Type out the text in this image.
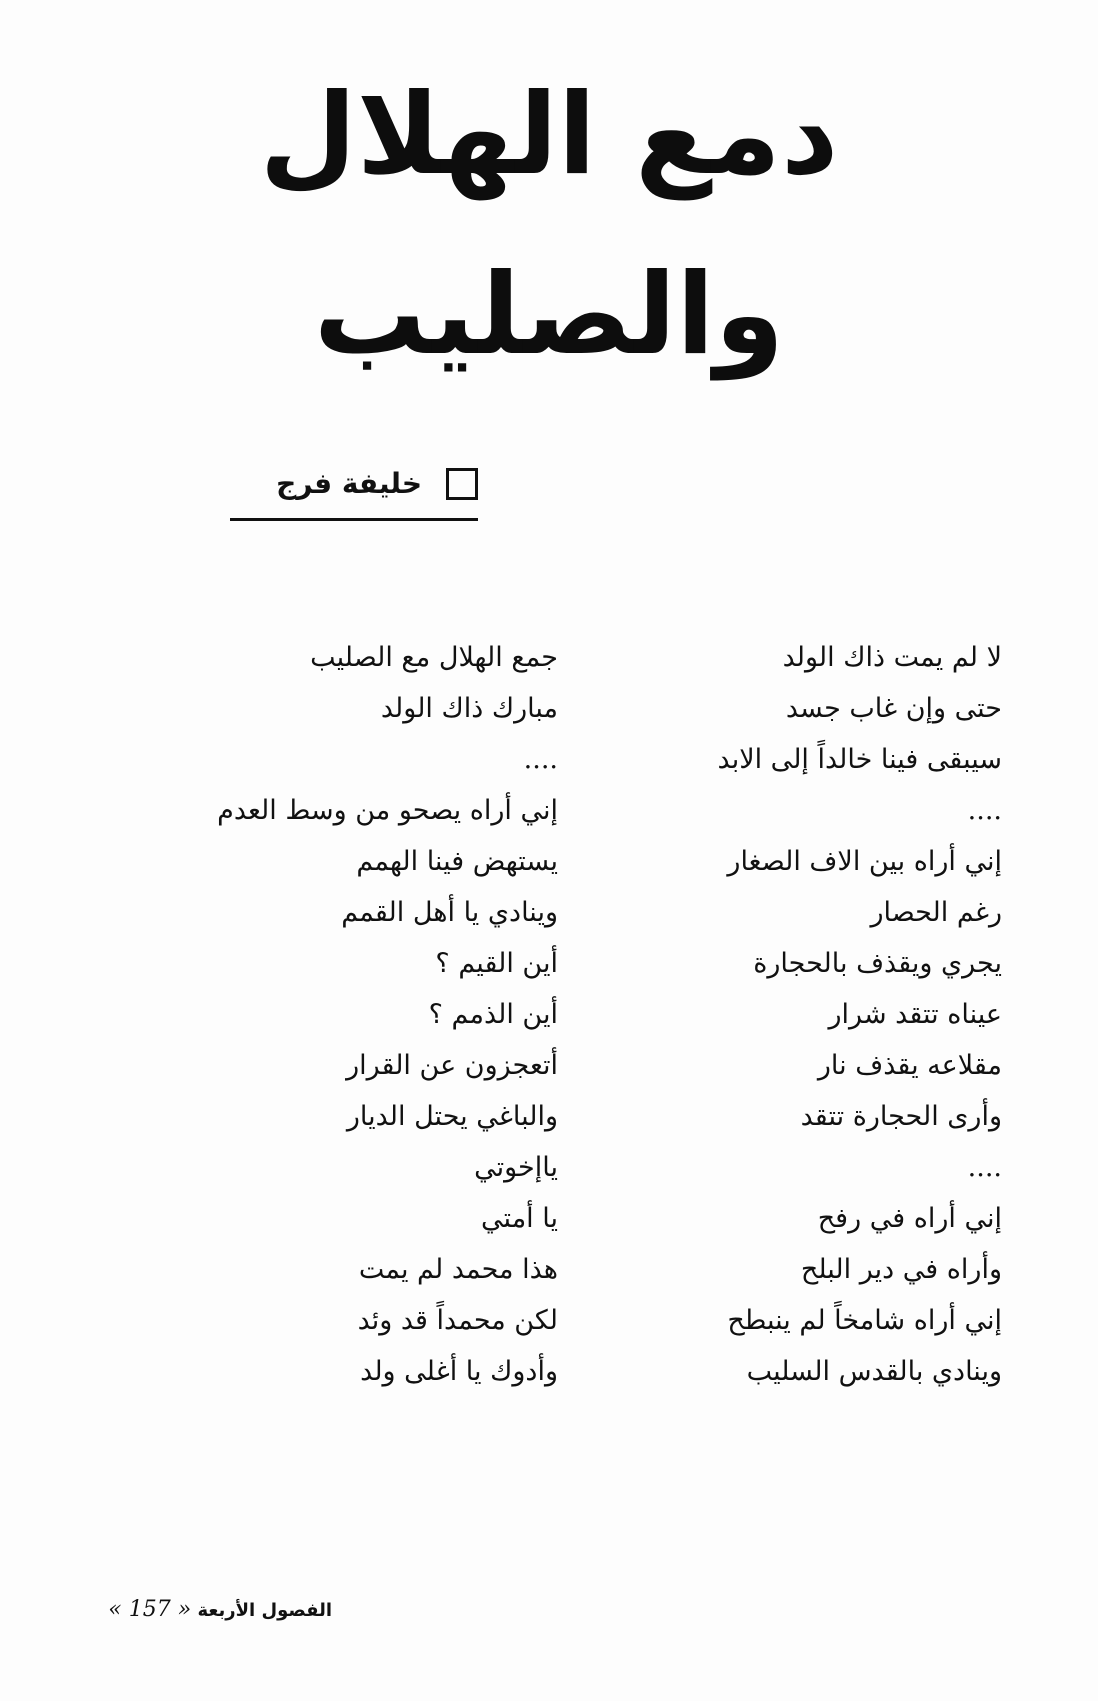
دمع الهلال
والصليب
خليفة فرج
لا لم يمت ذاك الولد
حتى وإن غاب جسد
سيبقى فينا خالداً إلى الابد
....
إني أراه بين الاف الصغار
رغم الحصار
يجري ويقذف بالحجارة
عيناه تتقد شرار
مقلاعه يقذف نار
وأرى الحجارة تتقد
....
إني أراه في رفح
وأراه في دير البلح
إني أراه شامخاً لم ينبطح
وينادي بالقدس السليب
جمع الهلال مع الصليب
مبارك ذاك الولد
....
إني أراه يصحو من وسط العدم
يستهض فينا الهمم
وينادي يا أهل القمم
أين القيم ؟
أين الذمم ؟
أتعجزون عن القرار
والباغي يحتل الديار
ياإخوتي
يا أمتي
هذا محمد لم يمت
لكن محمداً قد وئد
وأدوك يا أغلى ولد
الفصول الأربعة « 157 »
